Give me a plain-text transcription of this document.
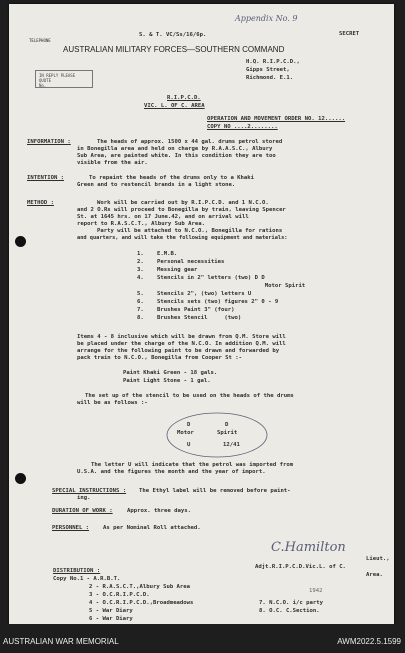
Appendix No. 9
TELEPHONE
S. & T. VC/Ss/16/6p.	SECRET
AUSTRALIAN MILITARY FORCES—SOUTHERN COMMAND
IN REPLY PLEASE QUOTE
No.
H.Q. R.I.P.C.D.,
Gipps Street,
Richmond. E.1.
R.I.P.C.D.
VIC. L. OF C. AREA
OPERATION AND MOVEMENT ORDER NO. 12......
COPY NO ....2........
INFORMATION :	The heads of approx. 1500 x 44 gal. drums petrol stored
in Bonegilla area and held on charge by R.A.A.S.C., Albury
Sub Area, are painted white. In this condition they are too
visible from the air.
INTENTION :	To repaint the heads of the drums only to a Khaki
Green and to restencil brands in a light stone.
METHOD :	Work will be carried out by R.I.P.C.D. and 1 N.C.O.
and 2 O.Rs will proceed to Bonegilla by train, leaving Spencer
St. at 1645 hrs. on 17 June.42, and on arrival will
report to R.A.S.C.T., Albury Sub Area.
Party will be attached to N.C.O., Bonegilla for rations
and quarters, and will take the following equipment and materials:
1. E.M.B.
2. Personal necessities
3. Messing gear
4. Stencils in 2" letters (two) D D
Motor Spirit
5. Stencils 2", (two) letters U
6. Stencils sets (two) figures 2" 0 - 9
7. Brushes Paint 3" (four)
8. Brushes Stencil     (two)
Items 4 - 8 inclusive which will be drawn from Q.M. Store will
be placed under the charge of the N.C.O. In addition Q.M. will
arrange for the following paint to be drawn and forwarded by
pack train to N.C.O., Bonegilla from Cooper St :-
Paint Khaki Green - 18 gals.
Paint Light Stone - 1 gal.
The set up of the stencil to be used on the heads of the drums
will be as follows :-
D	D
Motor	Spirit
U	12/41
The letter U will indicate that the petrol was imported from
U.S.A. and the figures the month and the year of import.
SPECIAL INSTRUCTIONS : The Ethyl label will be removed before paint-
ing.
DURATION OF WORK :	Approx. three days.
PERSONNEL : As per Nominal Roll attached.
C.Hamilton
Lieut.,
Adjt.R.I.P.C.D.Vic.L. of C.
Area.
DISTRIBUTION :
Copy No.1 - A.R.B.T.
2 - R.A.S.C.T.,Albury Sub Area
3 - O.C.R.I.P.C.D.
4 - O.C.R.I.P.C.D.,Broadmeadows
5 - War Diary
6 - War Diary
7. N.C.O. i/c party
8. O.C. C.Section.
1942
AUSTRALIAN WAR MEMORIAL	AWM2022.5.1599
